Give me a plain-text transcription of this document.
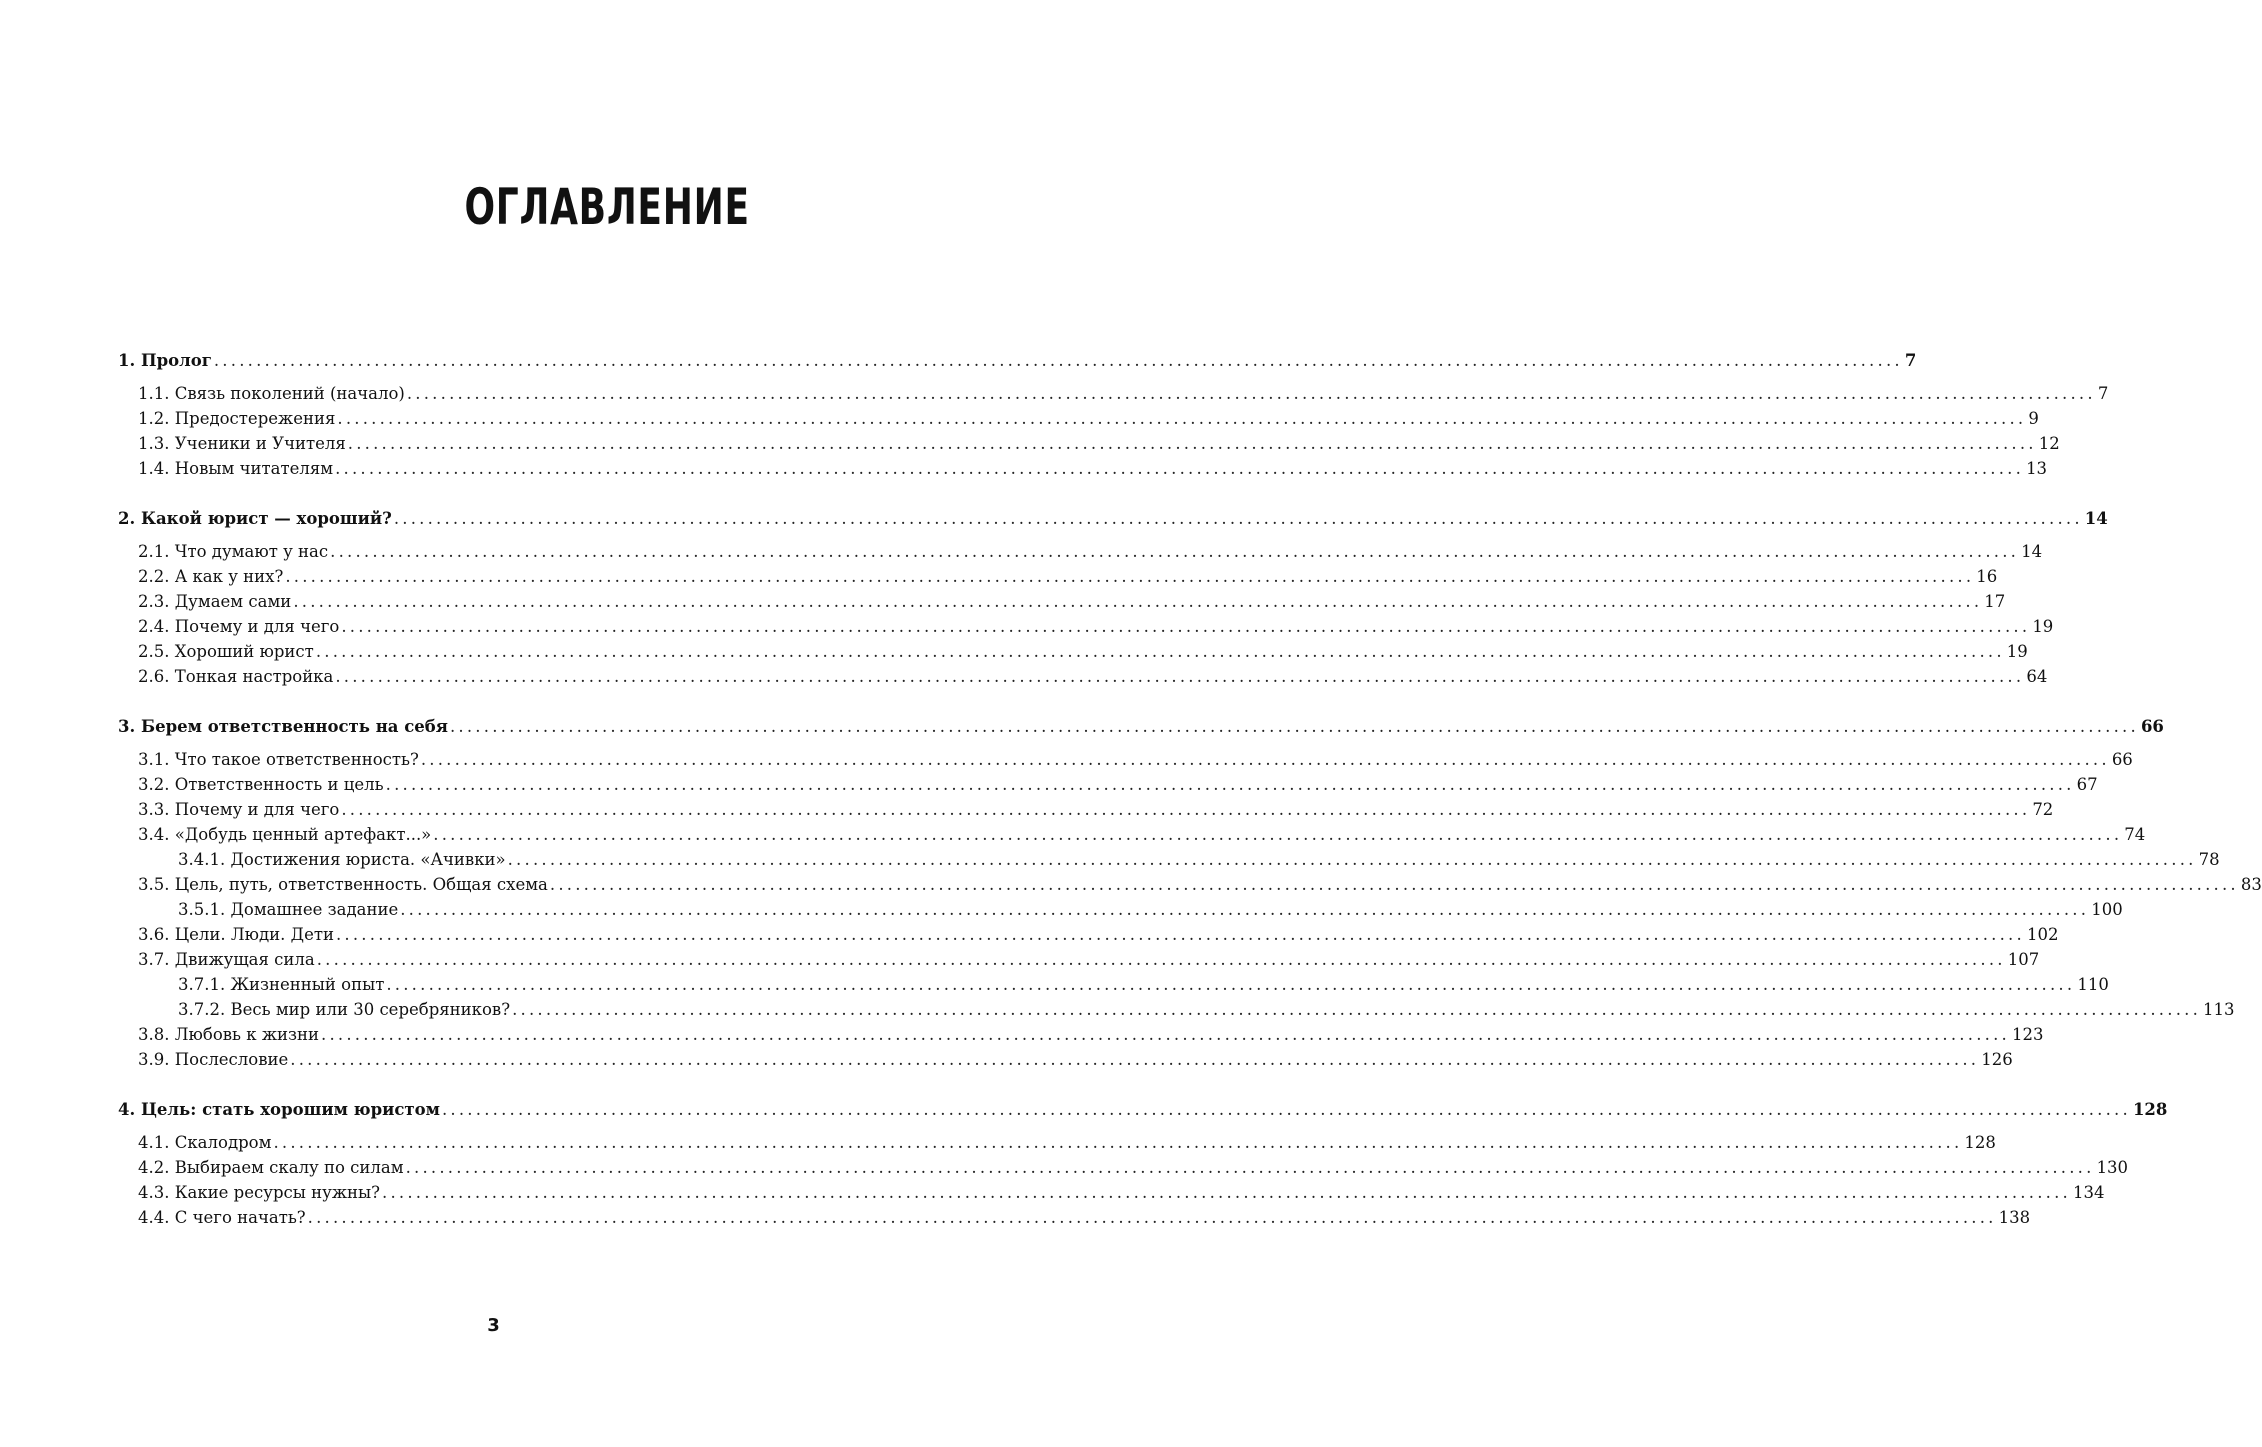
ОГЛАВЛЕНИЕ
1. Пролог ........................................................................................................................................................................................................ 7
1.1. Связь поколений (начало) ........................................................................................................................................................................................................ 7
1.2. Предостережения ........................................................................................................................................................................................................ 9
1.3. Ученики и Учителя ........................................................................................................................................................................................................ 12
1.4. Новым читателям ........................................................................................................................................................................................................ 13
2. Какой юрист — хороший? ........................................................................................................................................................................................................ 14
2.1. Что думают у нас ........................................................................................................................................................................................................ 14
2.2. А как у них? ........................................................................................................................................................................................................ 16
2.3. Думаем сами ........................................................................................................................................................................................................ 17
2.4. Почему и для чего ........................................................................................................................................................................................................ 19
2.5. Хороший юрист ........................................................................................................................................................................................................ 19
2.6. Тонкая настройка ........................................................................................................................................................................................................ 64
3. Берем ответственность на себя ........................................................................................................................................................................................................ 66
3.1. Что такое ответственность? ........................................................................................................................................................................................................ 66
3.2. Ответственность и цель ........................................................................................................................................................................................................ 67
3.3. Почему и для чего ........................................................................................................................................................................................................ 72
3.4. «Добудь ценный артефакт...» ........................................................................................................................................................................................................ 74
3.4.1. Достижения юриста. «Ачивки» ........................................................................................................................................................................................................ 78
3.5. Цель, путь, ответственность. Общая схема ........................................................................................................................................................................................................ 83
3.5.1. Домашнее задание ........................................................................................................................................................................................................ 100
3.6. Цели. Люди. Дети ........................................................................................................................................................................................................ 102
3.7. Движущая сила ........................................................................................................................................................................................................ 107
3.7.1. Жизненный опыт ........................................................................................................................................................................................................ 110
3.7.2. Весь мир или 30 серебряников? ........................................................................................................................................................................................................ 113
3.8. Любовь к жизни ........................................................................................................................................................................................................ 123
3.9. Послесловие ........................................................................................................................................................................................................ 126
4. Цель: стать хорошим юристом ........................................................................................................................................................................................................ 128
4.1. Скалодром ........................................................................................................................................................................................................ 128
4.2. Выбираем скалу по силам ........................................................................................................................................................................................................ 130
4.3. Какие ресурсы нужны? ........................................................................................................................................................................................................ 134
4.4. С чего начать? ........................................................................................................................................................................................................ 138
3
